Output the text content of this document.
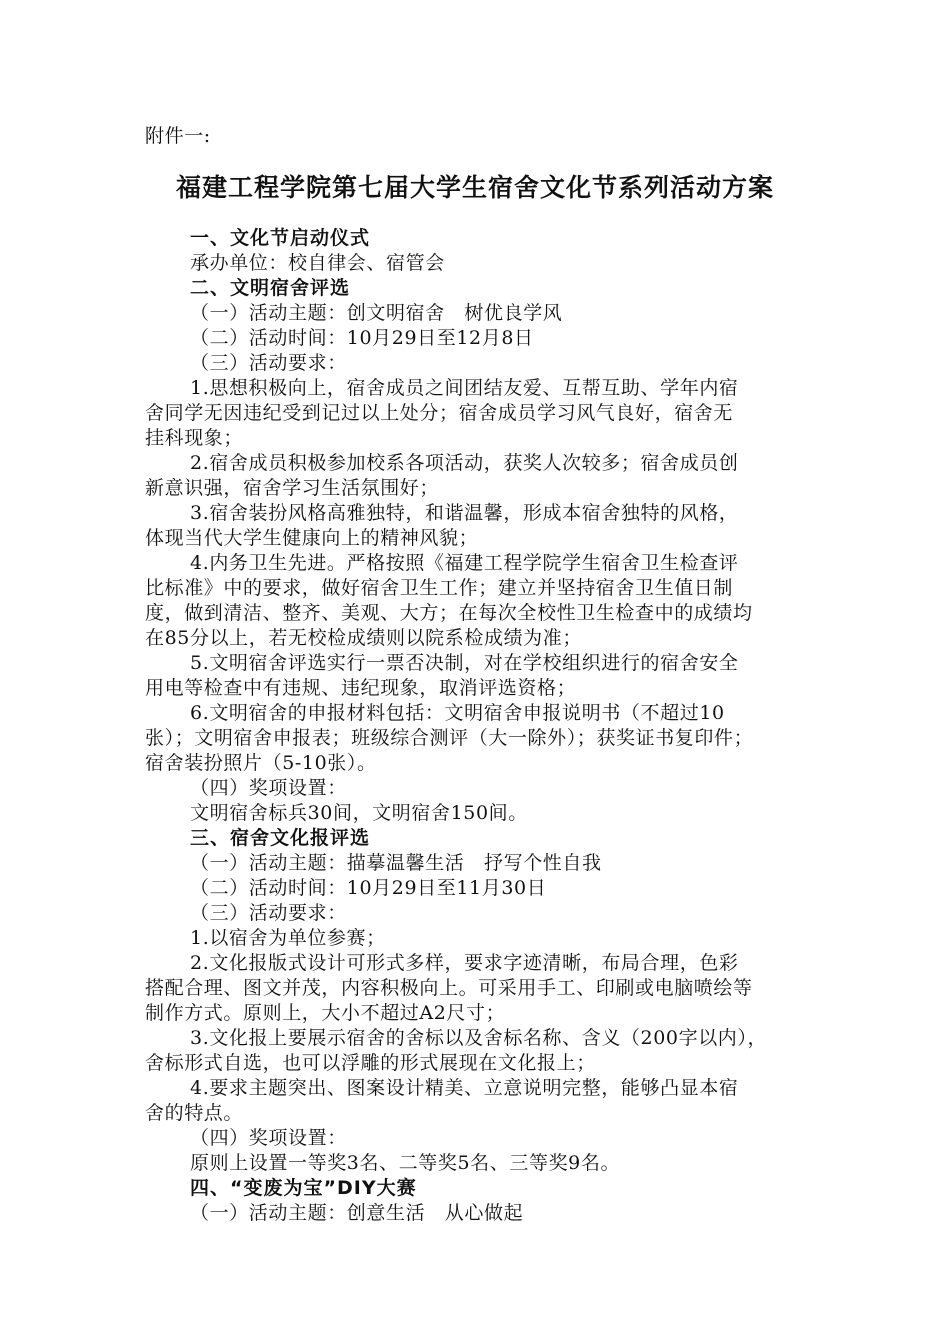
附件一:
福建工程学院第七届大学生宿舍文化节系列活动方案
一、文化节启动仪式
承办单位：校自律会、宿管会
二、文明宿舍评选
（一）活动主题：创文明宿舍　树优良学风
（二）活动时间：10月29日至12月8日
（三）活动要求：
1.思想积极向上，宿舍成员之间团结友爱、互帮互助、学年内宿
舍同学无因违纪受到记过以上处分；宿舍成员学习风气良好，宿舍无
挂科现象；
2.宿舍成员积极参加校系各项活动，获奖人次较多；宿舍成员创
新意识强，宿舍学习生活氛围好；
3.宿舍装扮风格高雅独特，和谐温馨，形成本宿舍独特的风格，
体现当代大学生健康向上的精神风貌；
4.内务卫生先进。严格按照《福建工程学院学生宿舍卫生检查评
比标准》中的要求，做好宿舍卫生工作；建立并坚持宿舍卫生值日制
度，做到清洁、整齐、美观、大方；在每次全校性卫生检查中的成绩均
在85分以上，若无校检成绩则以院系检成绩为准；
5.文明宿舍评选实行一票否决制，对在学校组织进行的宿舍安全
用电等检查中有违规、违纪现象，取消评选资格；
6.文明宿舍的申报材料包括：文明宿舍申报说明书（不超过10
张）；文明宿舍申报表；班级综合测评（大一除外）；获奖证书复印件；
宿舍装扮照片（5-10张）。
（四）奖项设置：
文明宿舍标兵30间，文明宿舍150间。
三、宿舍文化报评选
（一）活动主题：描摹温馨生活　抒写个性自我
（二）活动时间：10月29日至11月30日
（三）活动要求：
1.以宿舍为单位参赛；
2.文化报版式设计可形式多样，要求字迹清晰，布局合理，色彩
搭配合理、图文并茂，内容积极向上。可采用手工、印刷或电脑喷绘等
制作方式。原则上，大小不超过A2尺寸；
3.文化报上要展示宿舍的舍标以及舍标名称、含义（200字以内），
舍标形式自选，也可以浮雕的形式展现在文化报上；
4.要求主题突出、图案设计精美、立意说明完整，能够凸显本宿
舍的特点。
（四）奖项设置：
原则上设置一等奖3名、二等奖5名、三等奖9名。
四、“变废为宝”DIY大赛
（一）活动主题：创意生活　从心做起
